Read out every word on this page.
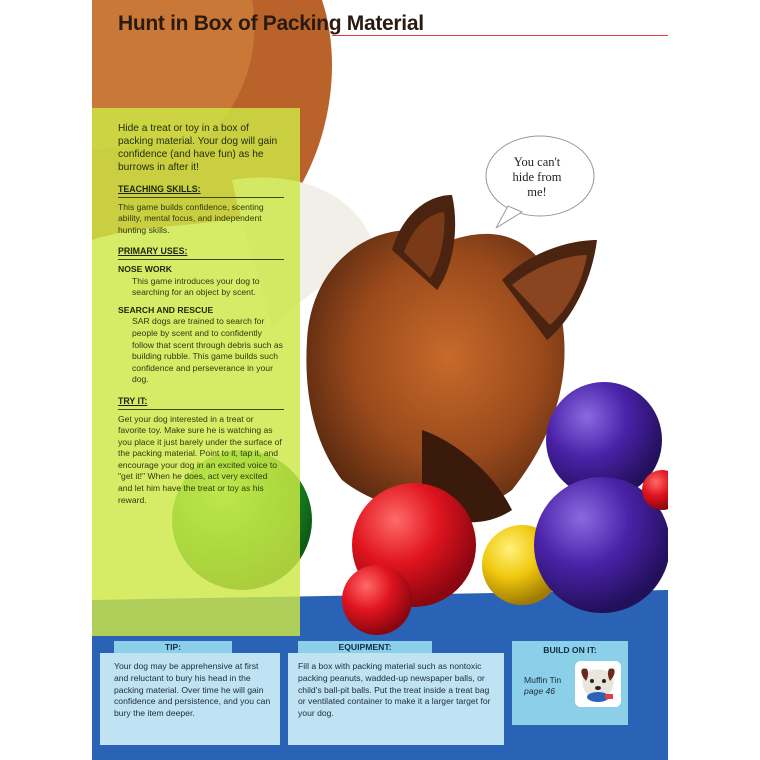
Hunt in Box of Packing Material
You can't
hide from
me!

Hide a treat or toy in a box of packing material. Your dog will gain confidence (and have fun) as he burrows in after it!

TEACHING SKILLS:

This game builds confidence, scenting ability, mental focus, and independent hunting skills.

PRIMARY USES:

NOSE WORK

This game introduces your dog to searching for an object by scent.

SEARCH AND RESCUE

SAR dogs are trained to search for people by scent and to confidently follow that scent through debris such as building rubble. This game builds such confidence and perseverance in your dog.

TRY IT:

Get your dog interested in a treat or favorite toy. Make sure he is watching as you place it just barely under the surface of the packing material. Point to it, tap it, and encourage your dog in an excited voice to "get it!" When he does, act very excited and let him have the treat or toy as his reward.

TIP:

Your dog may be apprehensive at first and reluctant to bury his head in the packing material. Over time he will gain confidence and persistence, and you can bury the item deeper.

EQUIPMENT:

Fill a box with packing material such as nontoxic packing peanuts, wadded-up newspaper balls, or child's ball-pit balls. Put the treat inside a treat bag or ventilated container to make it a larger target for your dog.

BUILD ON IT:
Muffin Tin
page 46
